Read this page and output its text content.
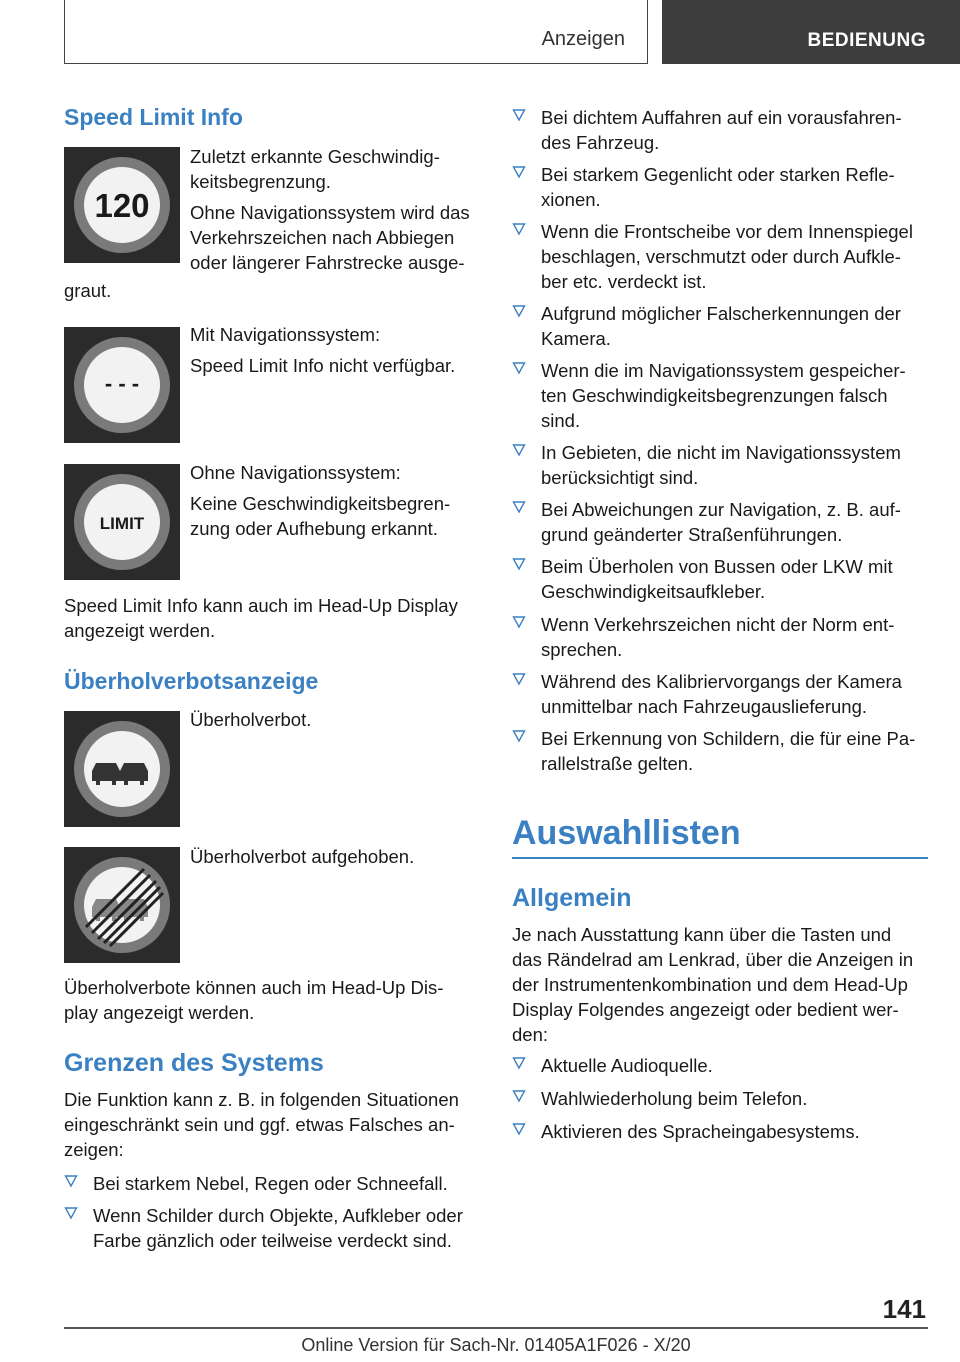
Anzeigen	BEDIENUNG
Speed Limit Info
120
Zuletzt erkannte Geschwindig-
keitsbegrenzung.
Ohne Navigationssystem wird das
Verkehrszeichen nach Abbiegen
oder längerer Fahrstrecke ausge-
graut.
- - -
Mit Navigationssystem:
Speed Limit Info nicht verfügbar.
LIMIT
Ohne Navigationssystem:
Keine Geschwindigkeitsbegren-
zung oder Aufhebung erkannt.
Speed Limit Info kann auch im Head-Up Display
angezeigt werden.
Überholverbotsanzeige
Überholverbot.
Überholverbot aufgehoben.
Überholverbote können auch im Head-Up Dis-
play angezeigt werden.
Grenzen des Systems
Die Funktion kann z. B. in folgenden Situationen
eingeschränkt sein und ggf. etwas Falsches an-
zeigen:
Bei starkem Nebel, Regen oder Schneefall.
Wenn Schilder durch Objekte, Aufkleber oder
Farbe gänzlich oder teilweise verdeckt sind.
Bei dichtem Auffahren auf ein vorausfahren-
des Fahrzeug.
Bei starkem Gegenlicht oder starken Refle-
xionen.
Wenn die Frontscheibe vor dem Innenspiegel
beschlagen, verschmutzt oder durch Aufkle-
ber etc. verdeckt ist.
Aufgrund möglicher Falscherkennungen der
Kamera.
Wenn die im Navigationssystem gespeicher-
ten Geschwindigkeitsbegrenzungen falsch
sind.
In Gebieten, die nicht im Navigationssystem
berücksichtigt sind.
Bei Abweichungen zur Navigation, z. B. auf-
grund geänderter Straßenführungen.
Beim Überholen von Bussen oder LKW mit
Geschwindigkeitsaufkleber.
Wenn Verkehrszeichen nicht der Norm ent-
sprechen.
Während des Kalibriervorgangs der Kamera
unmittelbar nach Fahrzeugauslieferung.
Bei Erkennung von Schildern, die für eine Pa-
rallelstraße gelten.
Auswahllisten
Allgemein
Je nach Ausstattung kann über die Tasten und
das Rändelrad am Lenkrad, über die Anzeigen in
der Instrumentenkombination und dem Head-Up
Display Folgendes angezeigt oder bedient wer-
den:
Aktuelle Audioquelle.
Wahlwiederholung beim Telefon.
Aktivieren des Spracheingabesystems.
141
Online Version für Sach-Nr. 01405A1F026 - X/20
